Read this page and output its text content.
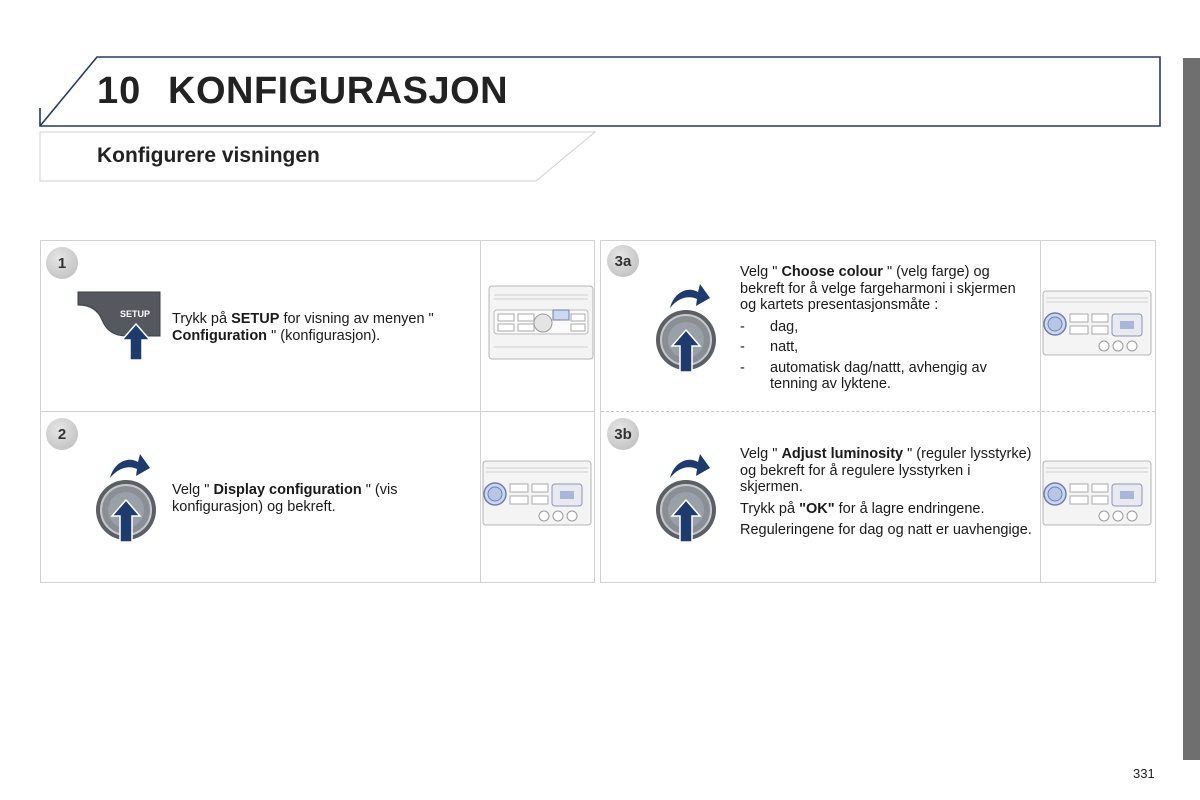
10 KONFIGURASJON
Konfigurere visningen
1
SETUP Trykk på SETUP for visning av menyen " Configuration " (konfigurasjon).
2
Velg " Display configuration " (vis konfigurasjon) og bekreft.
3a
Velg " Choose colour " (velg farge) og bekreft for å velge fargeharmoni i skjermen og kartets presentasjonsmåte :
- dag,
- natt,
- automatisk dag/nattt, avhengig av tenning av lyktene.
3b

Velg " Adjust luminosity " (reguler lysstyrke) og bekreft for å regulere lysstyrken i skjermen.

Trykk på "OK" for å lagre endringene.

Reguleringene for dag og natt er uavhengige.

331
